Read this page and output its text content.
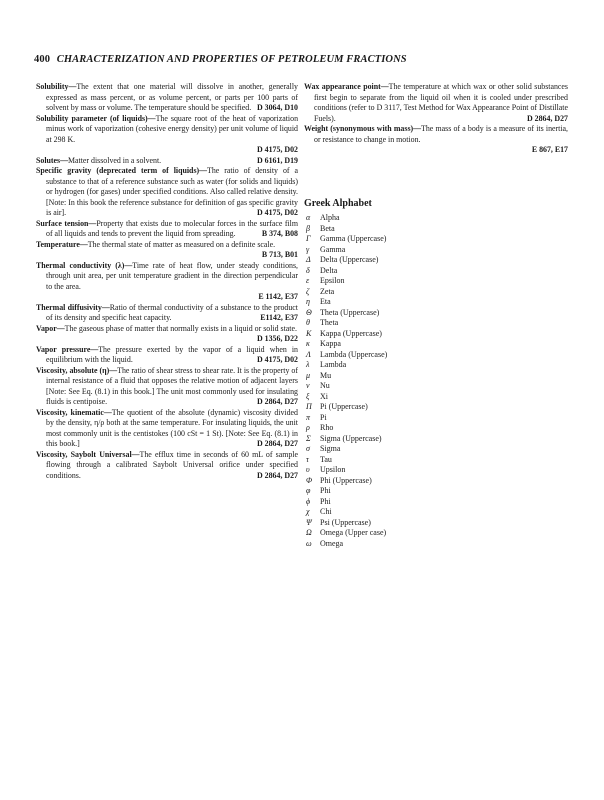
400 CHARACTERIZATION AND PROPERTIES OF PETROLEUM FRACTIONS
Solubility—The extent that one material will dissolve in another, generally expressed as mass percent, or as volume percent, or parts per 100 parts of solvent by mass or volume. The temperature should be specified. D 3064, D10
Solubility parameter (of liquids)—The square root of the heat of vaporization minus work of vaporization (cohesive energy density) per unit volume of liquid at 298 K.
D 4175, D02
Solutes—Matter dissolved in a solvent.	D 6161, D19
Specific gravity (deprecated term of liquids)—The ratio of density of a substance to that of a reference substance such as water (for solids and liquids) or hydrogen (for gases) under specified conditions. Also called relative density. [Note: In this book the reference substance for definition of gas specific gravity is air].	D 4175, D02
Surface tension—Property that exists due to molecular forces in the surface film of all liquids and tends to prevent the liquid from spreading.	B 374, B08
Temperature—The thermal state of matter as measured on a definite scale.
B 713, B01
Thermal conductivity (λ)—Time rate of heat flow, under steady conditions, through unit area, per unit temperature gradient in the direction perpendicular to the area.
E 1142, E37
Thermal diffusivity—Ratio of thermal conductivity of a substance to the product of its density and specific heat capacity.	E1142, E37
Vapor—The gaseous phase of matter that normally exists in a liquid or solid state.
D 1356, D22
Vapor pressure—The pressure exerted by the vapor of a liquid when in equilibrium with the liquid.	D 4175, D02
Viscosity, absolute (η)—The ratio of shear stress to shear rate. It is the property of internal resistance of a fluid that opposes the relative motion of adjacent layers [Note: See Eq. (8.1) in this book.] The unit most commonly used for insulating fluids is centipoise.	D 2864, D27
Viscosity, kinematic—The quotient of the absolute (dynamic) viscosity divided by the density, η/ρ both at the same temperature. For insulating liquids, the unit most commonly unit is the centistokes (100 cSt = 1 St). [Note: See Eq. (8.1) in this book.]	D 2864, D27
Viscosity, Saybolt Universal—The efflux time in seconds of 60 mL of sample flowing through a calibrated Saybolt Universal orifice under specified conditions.	D 2864, D27
Wax appearance point—The temperature at which wax or other solid substances first begin to separate from the liquid oil when it is cooled under prescribed conditions (refer to D 3117, Test Method for Wax Appearance Point of Distillate Fuels).	D 2864, D27
Weight (synonymous with mass)—The mass of a body is a measure of its inertia, or resistance to change in motion.
E 867, E17
Greek Alphabet
α	Alpha
β	Beta
Γ	Gamma (Uppercase)
γ	Gamma
Δ	Delta (Uppercase)
δ	Delta
ε	Epsilon
ζ	Zeta
η	Eta
Θ	Theta (Uppercase)
θ	Theta
Κ	Kappa (Uppercase)
κ	Kappa
Λ	Lambda (Uppercase)
λ	Lambda
μ	Mu
ν	Nu
ξ	Xi
Π	Pi (Uppercase)
π	Pi
ρ	Rho
Σ	Sigma (Uppercase)
σ	Sigma
τ	Tau
υ	Upsilon
Φ Phi (Uppercase)
φ	Phi
ϕ	Phi
χ	Chi
Ψ	Psi (Uppercase)
Ω	Omega (Upper case)
ω	Omega
